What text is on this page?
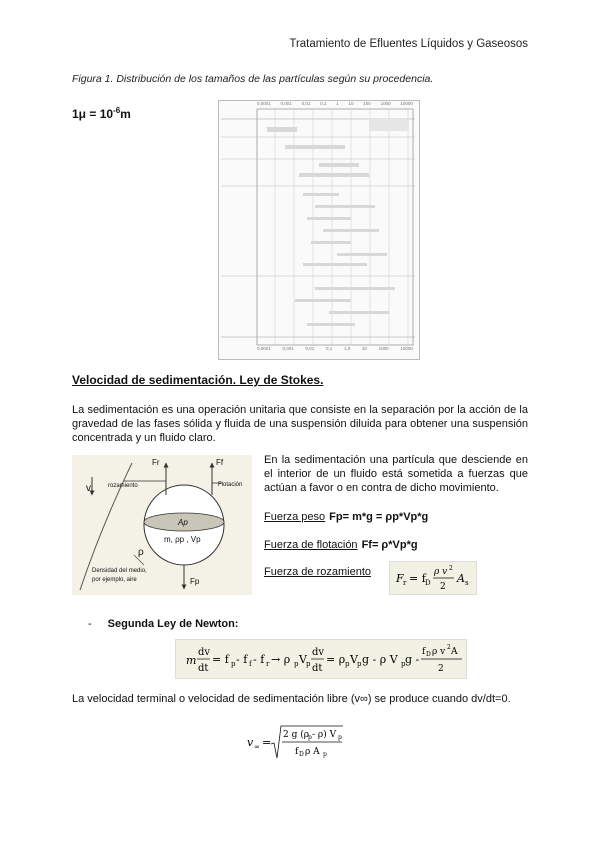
Tratamiento de Efluentes Líquidos y Gaseosos
Figura 1. Distribución de los tamaños de las partículas según su procedencia.
$1\mu = 10^{-6}m$
0,0001 0,001 0,01 0,1 1 10 100 1000 10000
0,0001	0,001	0,01	0,1	1,0	10	1000	10000
Velocidad de sedimentación. Ley de Stokes.
La sedimentación es una operación unitaria que consiste en la separación por la acción de la gravedad de las fases sólida y fluida de una suspensión diluida para obtener una suspensión concentrada y un fluido claro.
v	rozamiento	Flotación
Fr	Ff
Ap
m, ρp , Vp
ρ
Fp
Densidad del medio,
por ejemplo, aire
En la sedimentación una partícula que desciende en el interior de un fluido está sometida a fuerzas que actúan a favor o en contra de dicho movimiento.
Fuerza peso Fp= m*g = ρp*Vp*g
Fuerza de flotación Ff= ρ*Vp*g
Fuerza de rozamiento F r = f D
ρ v 2
2
A s
- Segunda Ley de Newton:
m
dv
dt
= f p - f f - f r → ρ p V p
dv
dt
= ρ p V p g - ρ V p g -
f D ρ v 2 A
2
La velocidad terminal o velocidad de sedimentación libre (v∞) se produce cuando dv/dt=0.
v ∞ =
2 g (ρ
p - ρ) V p
f D ρ A p
